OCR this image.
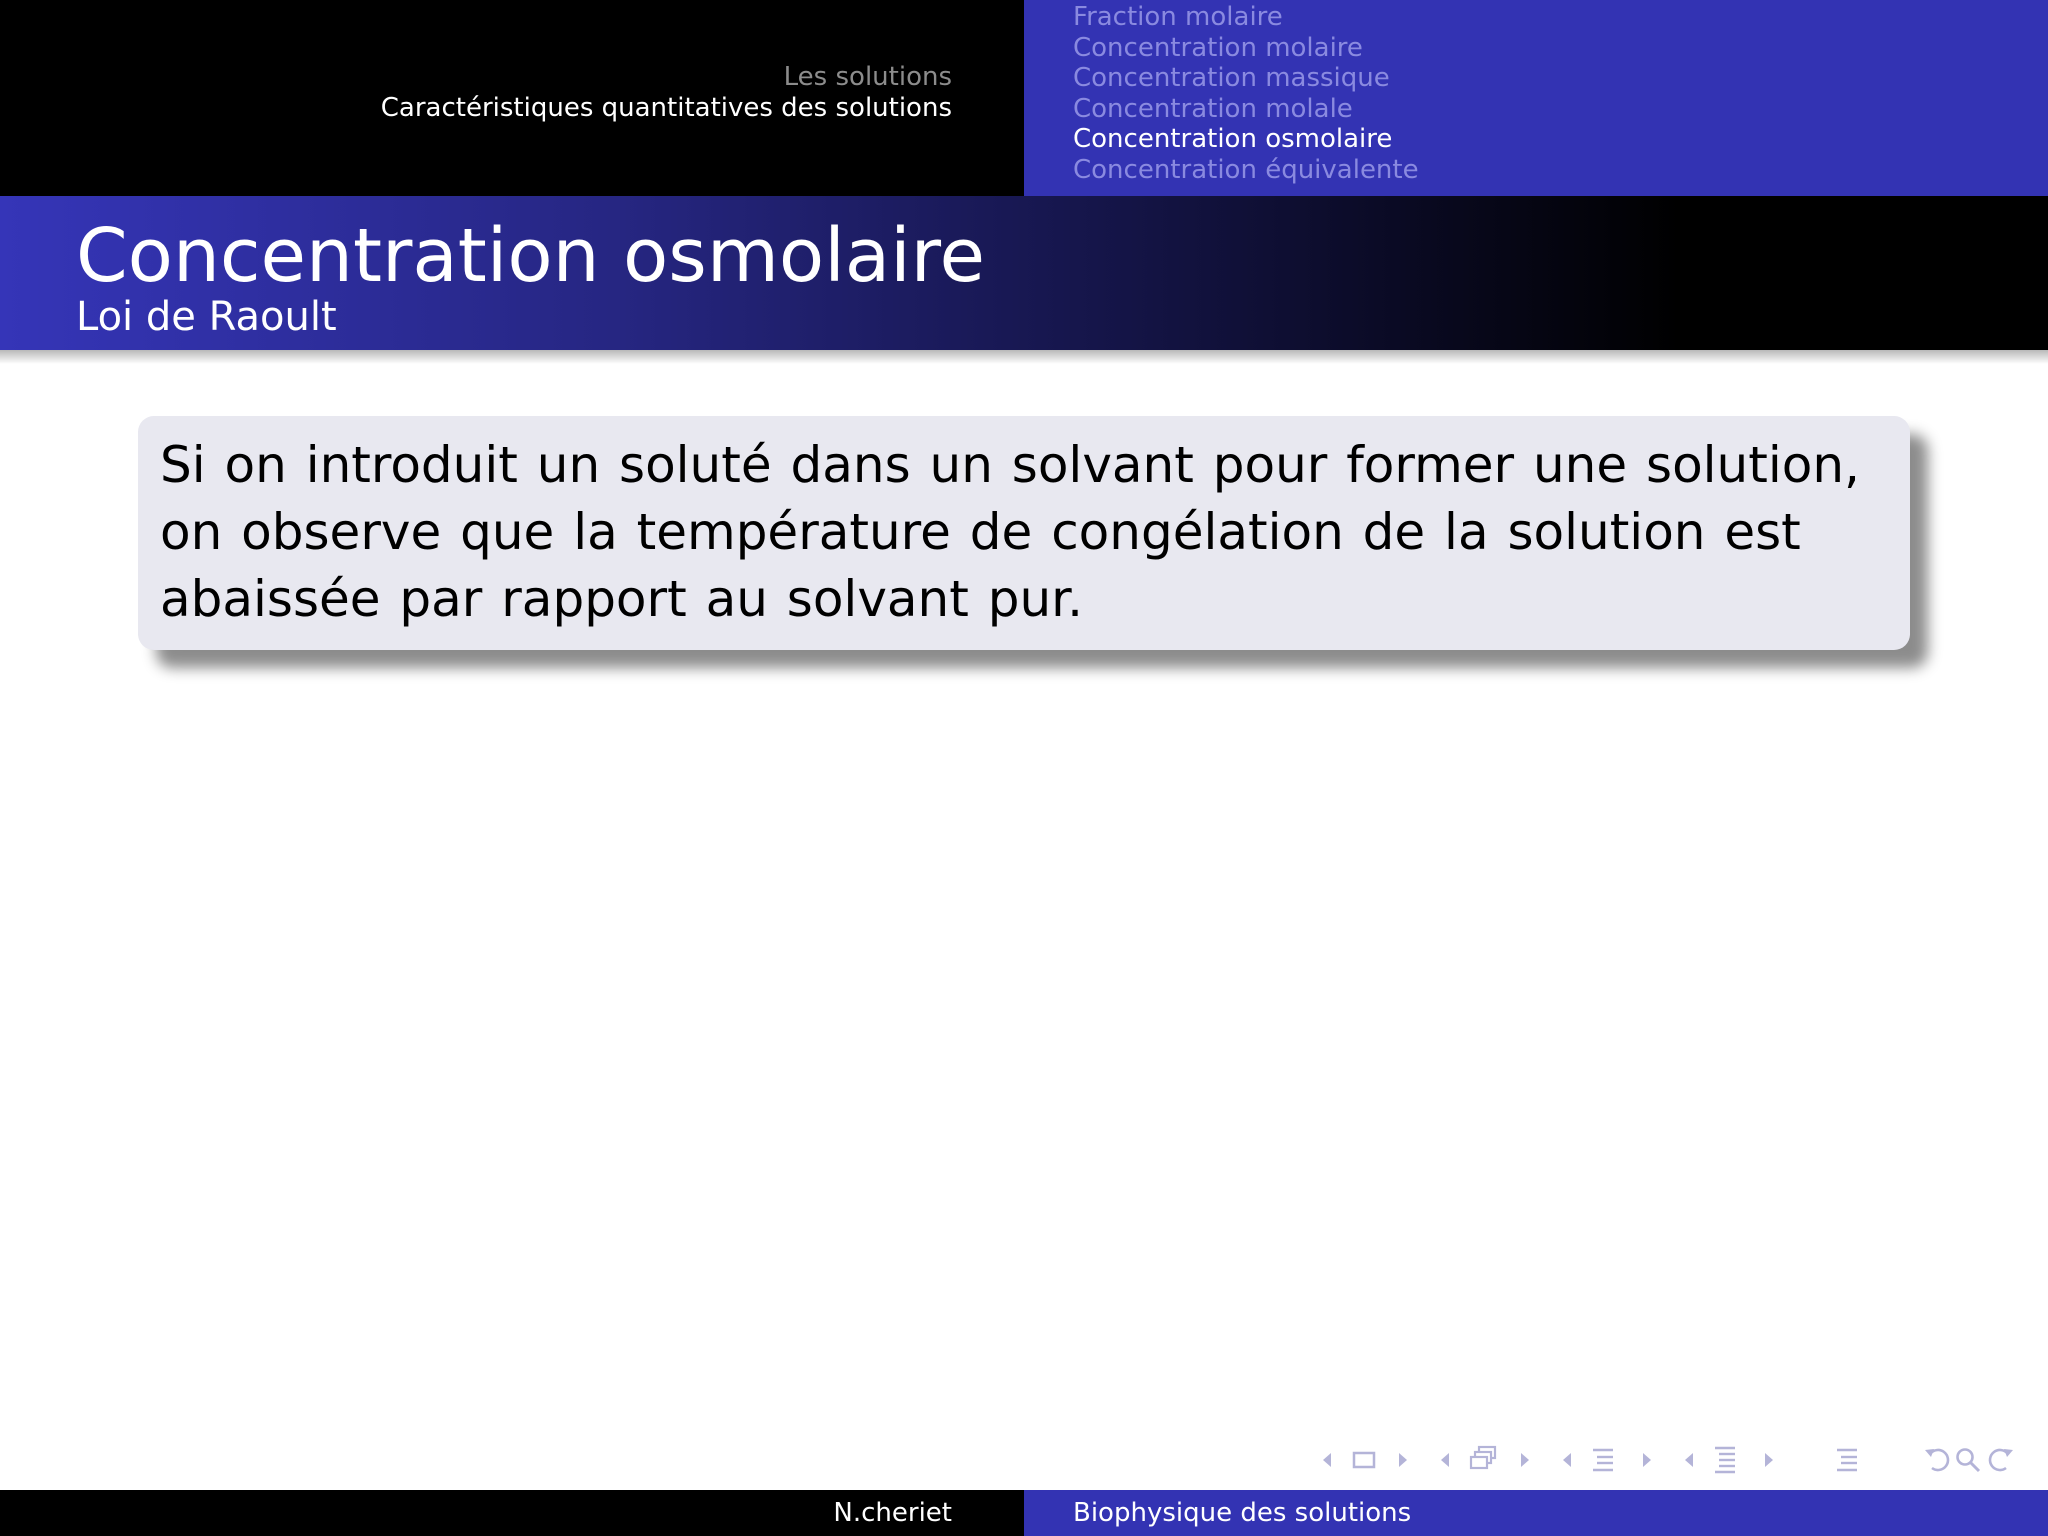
Les solutions
Caractéristiques quantitatives des solutions
Fraction molaire
Concentration molaire
Concentration massique
Concentration molale
Concentration osmolaire
Concentration équivalente
Concentration osmolaire
Loi de Raoult

Si on introduit un soluté dans un solvant pour former une solution, on observe que la température de congélation de la solution est abaissée par rapport au solvant pur.

N.cheriet	Biophysique des solutions
